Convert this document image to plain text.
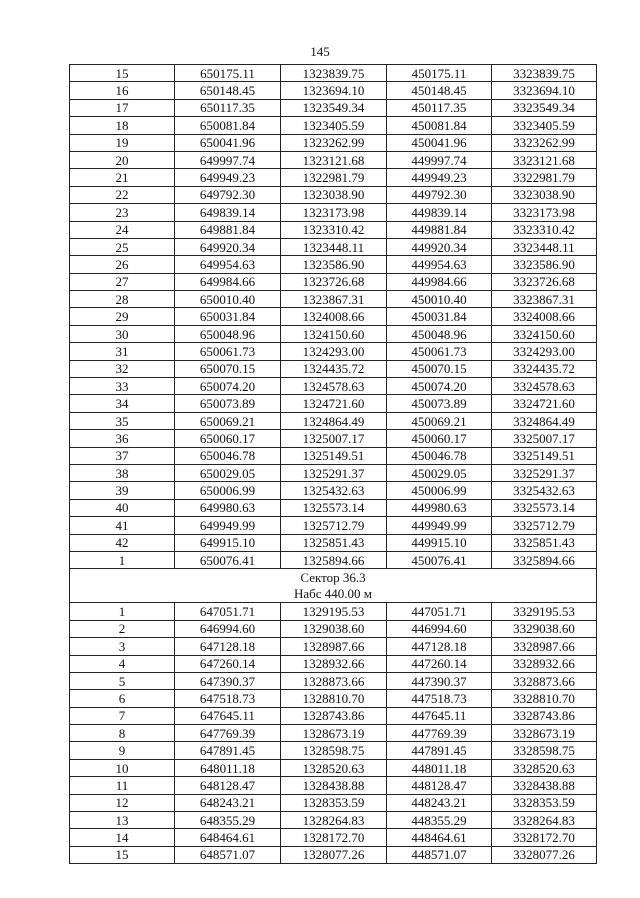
145
15	650175.11	1323839.75	450175.11	3323839.75
16	650148.45	1323694.10	450148.45	3323694.10
17	650117.35	1323549.34	450117.35	3323549.34
18	650081.84	1323405.59	450081.84	3323405.59
19	650041.96	1323262.99	450041.96	3323262.99
20	649997.74	1323121.68	449997.74	3323121.68
21	649949.23	1322981.79	449949.23	3322981.79
22	649792.30	1323038.90	449792.30	3323038.90
23	649839.14	1323173.98	449839.14	3323173.98
24	649881.84	1323310.42	449881.84	3323310.42
25	649920.34	1323448.11	449920.34	3323448.11
26	649954.63	1323586.90	449954.63	3323586.90
27	649984.66	1323726.68	449984.66	3323726.68
28	650010.40	1323867.31	450010.40	3323867.31
29	650031.84	1324008.66	450031.84	3324008.66
30	650048.96	1324150.60	450048.96	3324150.60
31	650061.73	1324293.00	450061.73	3324293.00
32	650070.15	1324435.72	450070.15	3324435.72
33	650074.20	1324578.63	450074.20	3324578.63
34	650073.89	1324721.60	450073.89	3324721.60
35	650069.21	1324864.49	450069.21	3324864.49
36	650060.17	1325007.17	450060.17	3325007.17
37	650046.78	1325149.51	450046.78	3325149.51
38	650029.05	1325291.37	450029.05	3325291.37
39	650006.99	1325432.63	450006.99	3325432.63
40	649980.63	1325573.14	449980.63	3325573.14
41	649949.99	1325712.79	449949.99	3325712.79
42	649915.10	1325851.43	449915.10	3325851.43
1	650076.41	1325894.66	450076.41	3325894.66

Сектор 36.3
Набс 440.00 м				

1	647051.71	1329195.53	447051.71	3329195.53
2	646994.60	1329038.60	446994.60	3329038.60
3	647128.18	1328987.66	447128.18	3328987.66
4	647260.14	1328932.66	447260.14	3328932.66
5	647390.37	1328873.66	447390.37	3328873.66
6	647518.73	1328810.70	447518.73	3328810.70
7	647645.11	1328743.86	447645.11	3328743.86
8	647769.39	1328673.19	447769.39	3328673.19
9	647891.45	1328598.75	447891.45	3328598.75
10	648011.18	1328520.63	448011.18	3328520.63
11	648128.47	1328438.88	448128.47	3328438.88
12	648243.21	1328353.59	448243.21	3328353.59
13	648355.29	1328264.83	448355.29	3328264.83
14	648464.61	1328172.70	448464.61	3328172.70
15	648571.07	1328077.26	448571.07	3328077.26
